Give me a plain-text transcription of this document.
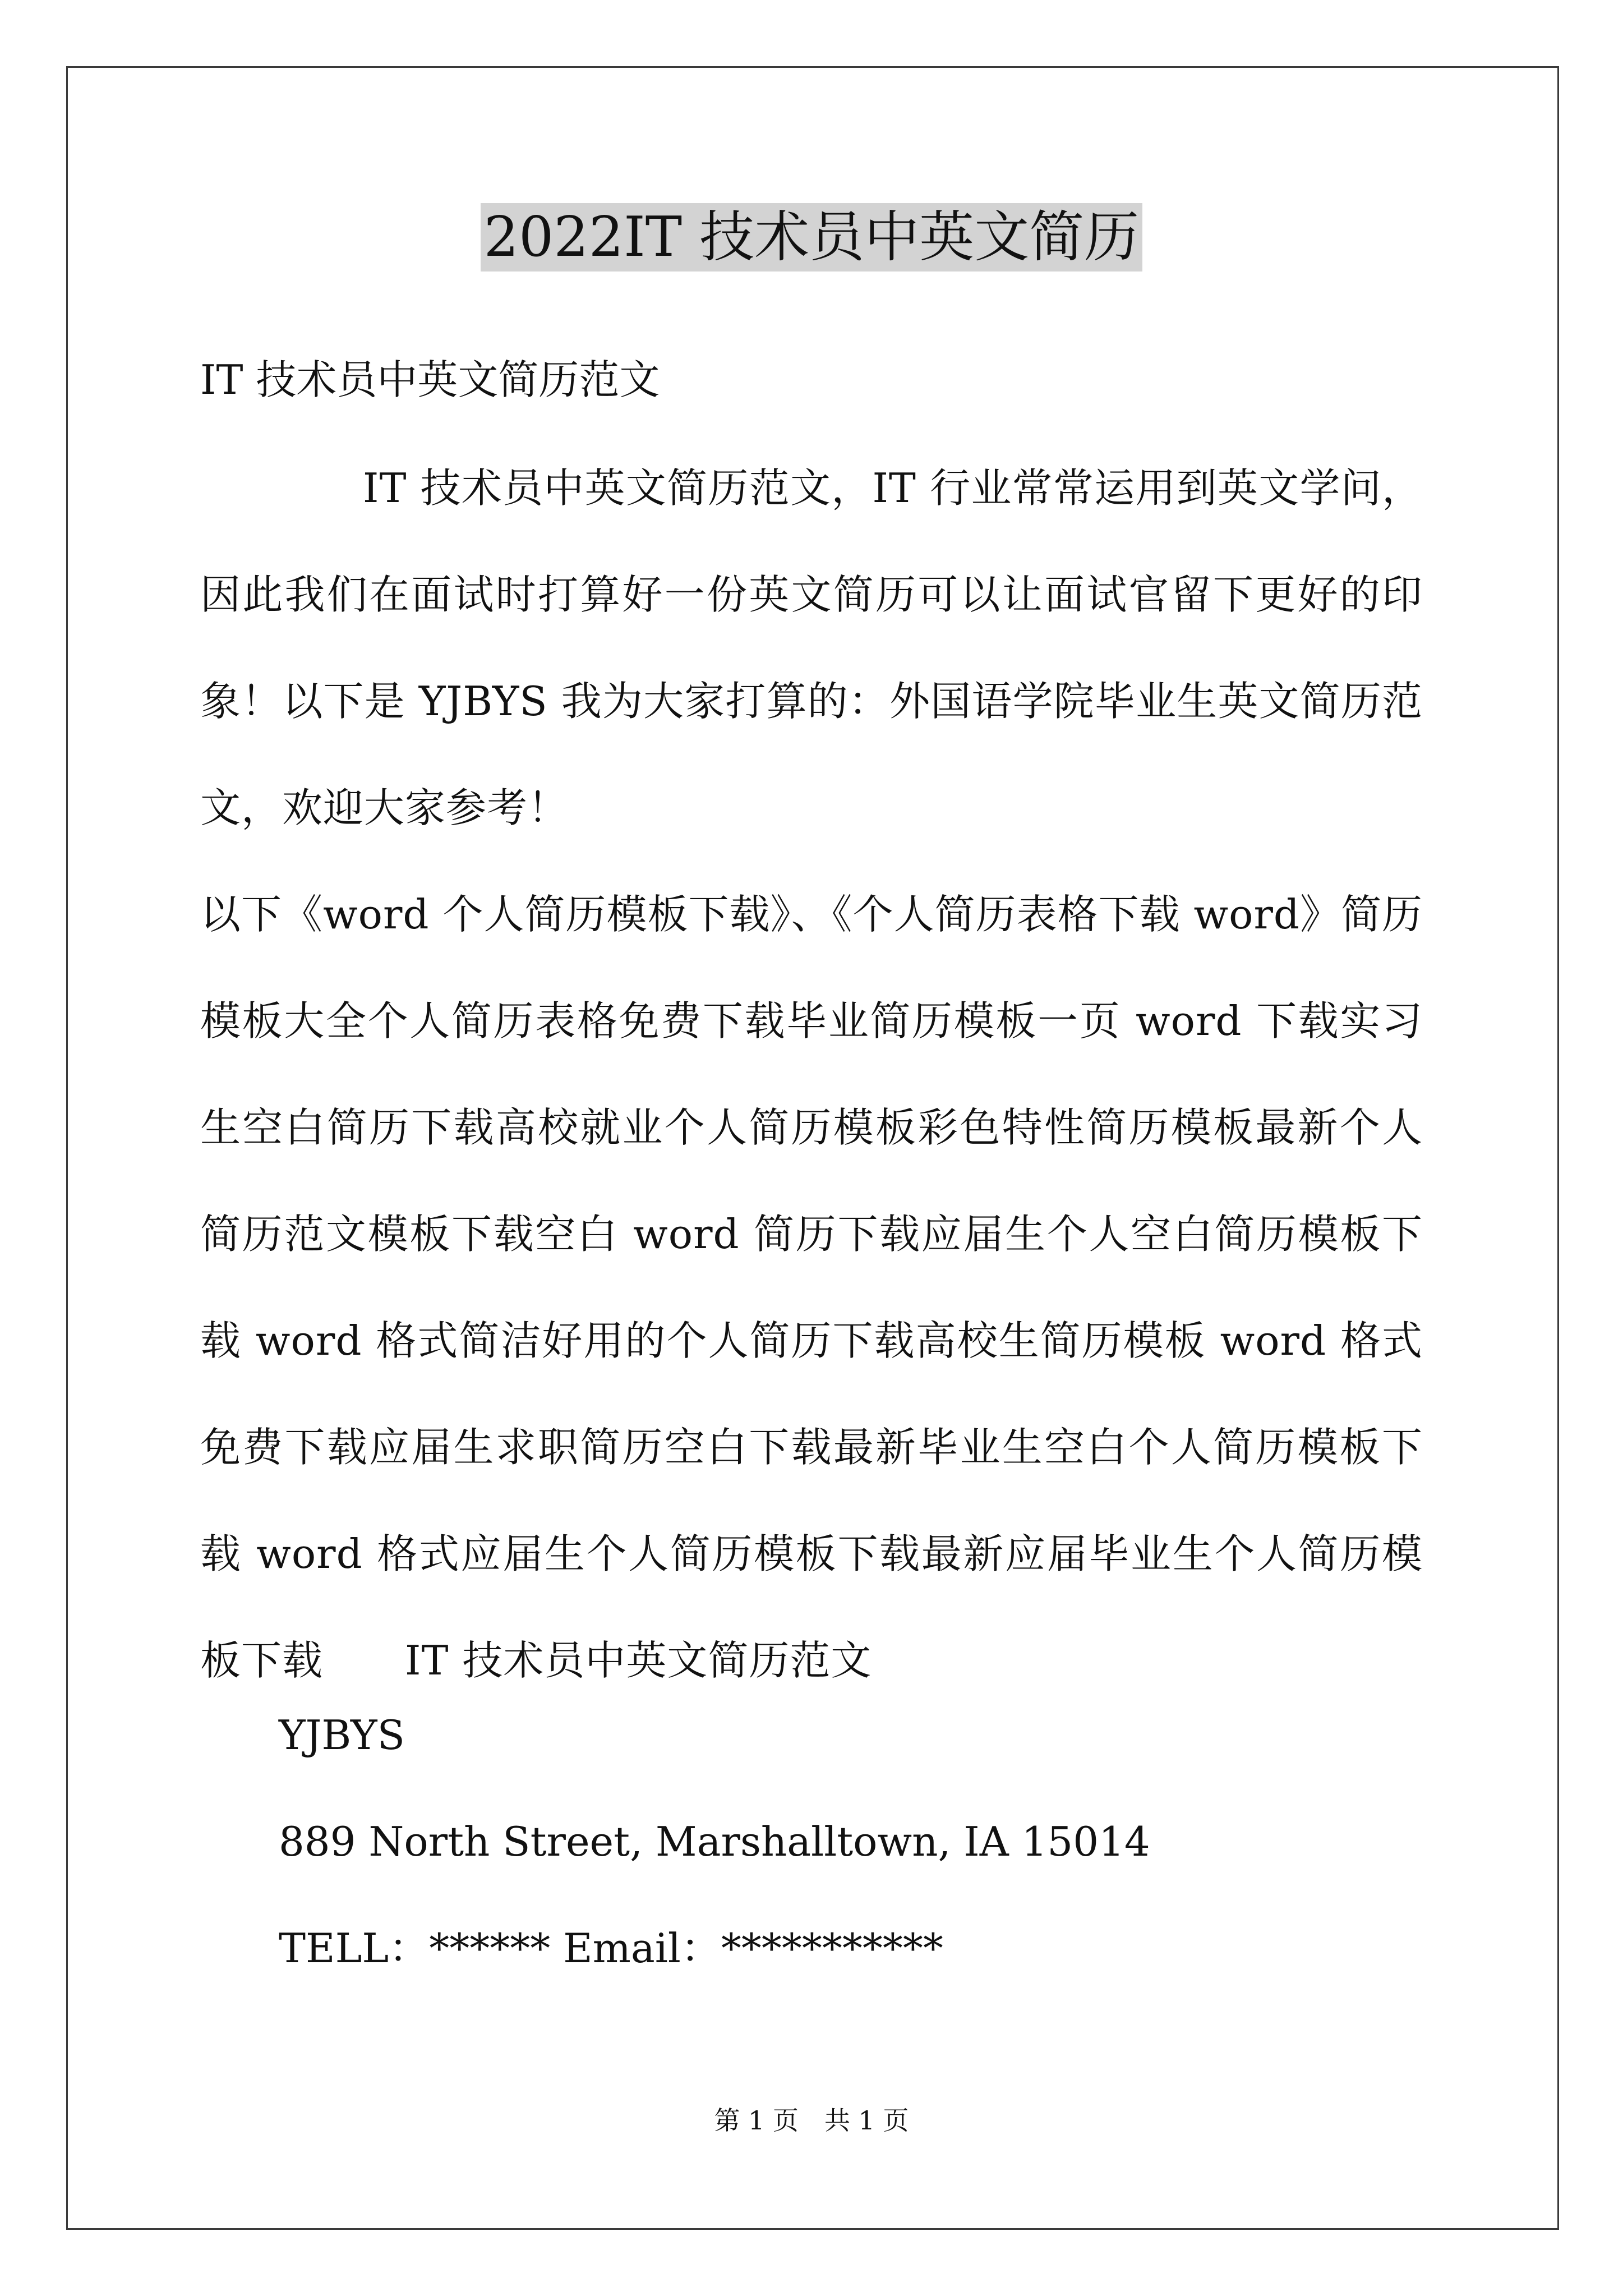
2022IT 技术员中英文简历

IT 技术员中英文简历范文

IT 技术员中英文简历范文，IT 行业常常运用到英文学问，因此我们在面试时打算好一份英文简历可以让面试官留下更好的印象！以下是 YJBYS 我为大家打算的：外国语学院毕业生英文简历范文，欢迎大家参考！

以下《word 个人简历模板下载》、《个人简历表格下载 word》简历模板大全个人简历表格免费下载毕业简历模板一页 word 下载实习生空白简历下载高校就业个人简历模板彩色特性简历模板最新个人简历范文模板下载空白 word 简历下载应届生个人空白简历模板下载 word 格式简洁好用的个人简历下载高校生简历模板 word 格式免费下载应届生求职简历空白下载最新毕业生空白个人简历模板下载 word 格式应届生个人简历模板下载最新应届毕业生个人简历模板下载　　IT 技术员中英文简历范文

YJBYS

889 North Street, Marshalltown, IA 15014

TELL：****** Email：***********

第 1 页　共 1 页
